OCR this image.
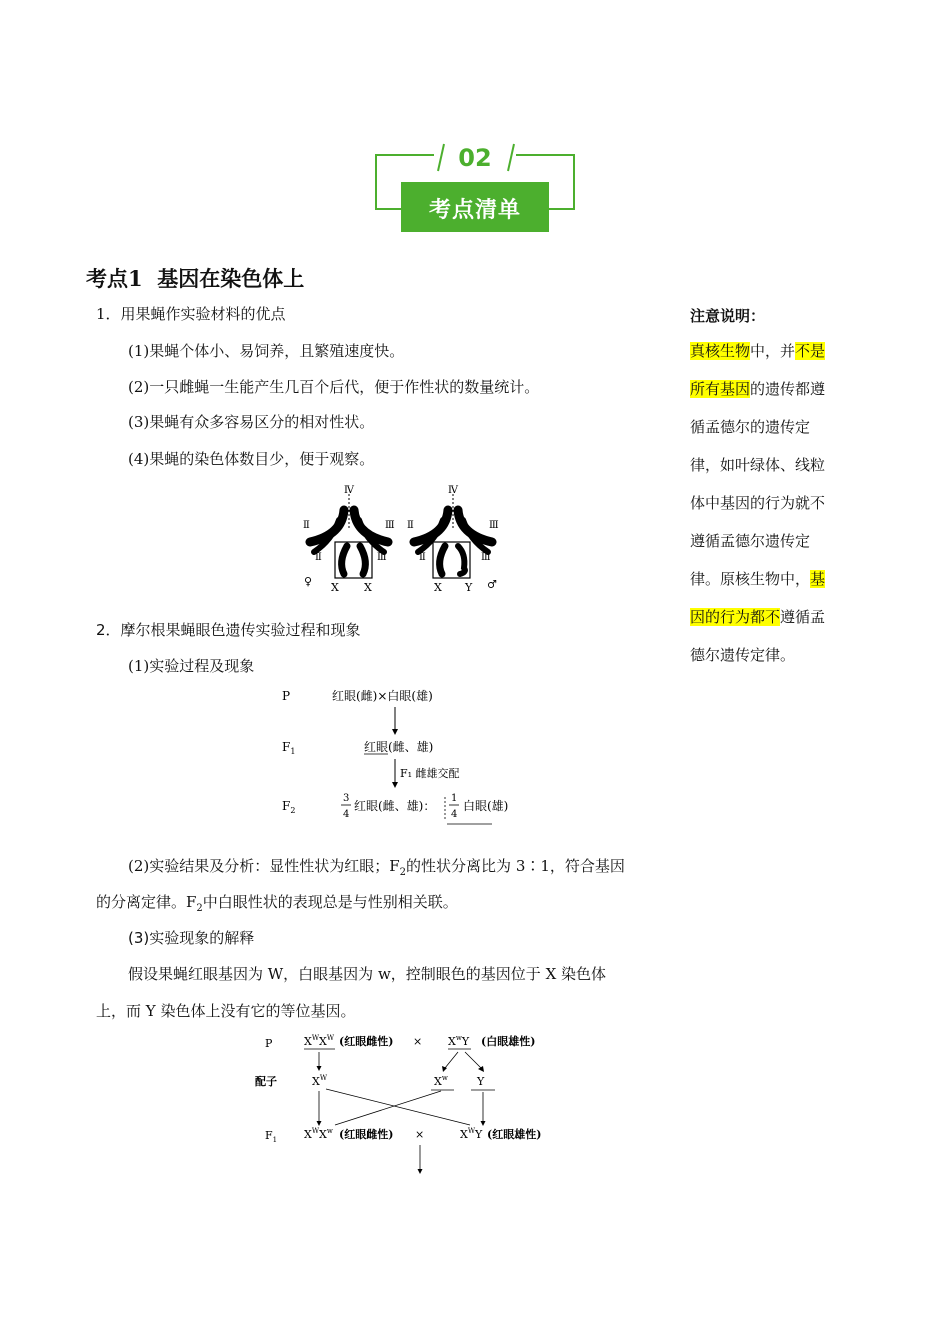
02
考点清单
考点1  基因在染色体上
1．用果蝇作实验材料的优点
(1)果蝇个体小、易饲养，且繁殖速度快。
(2)一只雌蝇一生能产生几百个后代，便于作性状的数量统计。
(3)果蝇有众多容易区分的相对性状。
(4)果蝇的染色体数目少，便于观察。
Ⅳ
Ⅱ
Ⅱ
Ⅲ
Ⅲ
♀ X X
Ⅳ
Ⅱ
Ⅱ
Ⅲ
Ⅲ
X Y ♂
2．摩尔根果蝇眼色遗传实验过程和现象
(1)实验过程及现象
P	红眼(雌)×白眼(雄)
$F_1$	红眼 (雌、雄)
F₁ 雌雄交配
$F_2$
3
4
红眼(雌、雄)：
1
4
白眼(雄)
(2)实验结果及分析：显性性状为红眼；$F_2$的性状分离比为 3∶1，符合基因
的分离定律。$F_2$中白眼性状的表现总是与性别相关联。
(3)实验现象的解释
假设果蝇红眼基因为 W，白眼基因为 w，控制眼色的基因位于 X 染色体
上，而 Y 染色体上没有它的等位基因。
P	$X^WX^W$ (红眼雌性) × $X^wY$ (白眼雄性)
配子	$X^W$	$X^w$	Y
$F_1$ $X^WX^w$ (红眼雌性) ×	$X^WY$ (红眼雄性)
注意说明：
真核生物中，并不是
所有基因的遗传都遵
循孟德尔的遗传定
律，如叶绿体、线粒
体中基因的行为就不
遵循孟德尔遗传定
律。原核生物中，基
因的行为都不遵循孟
德尔遗传定律。
